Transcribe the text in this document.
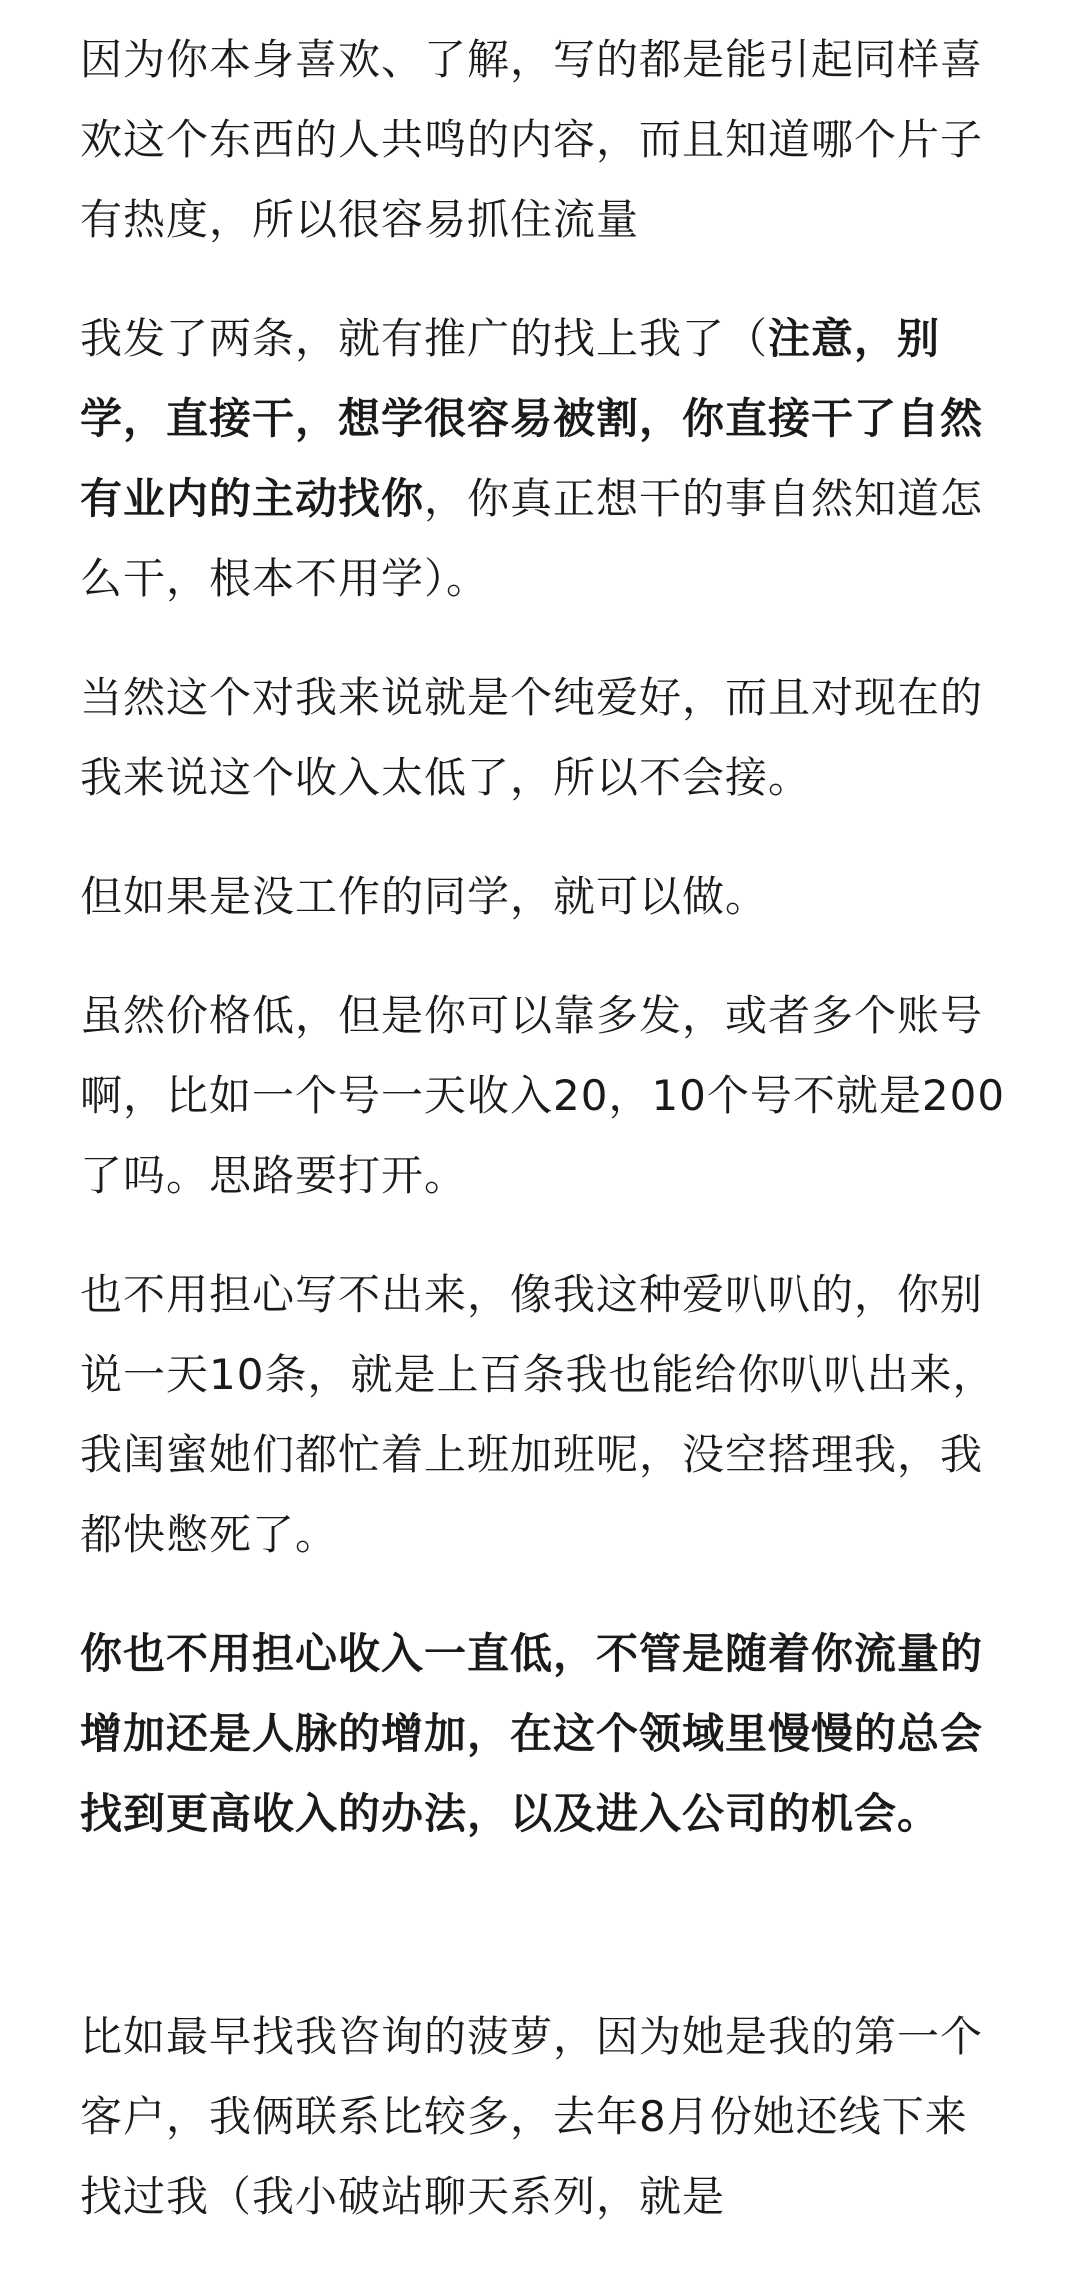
因为你本身喜欢、了解，写的都是能引起同样喜欢这个东西的人共鸣的内容，而且知道哪个片子有热度，所以很容易抓住流量

我发了两条，就有推广的找上我了（注意，别学，直接干，想学很容易被割，你直接干了自然有业内的主动找你，你真正想干的事自然知道怎么干，根本不用学）。

当然这个对我来说就是个纯爱好，而且对现在的我来说这个收入太低了，所以不会接。

但如果是没工作的同学，就可以做。

虽然价格低，但是你可以靠多发，或者多个账号啊，比如一个号一天收入20，10个号不就是200了吗。思路要打开。

也不用担心写不出来，像我这种爱叭叭的，你别说一天10条，就是上百条我也能给你叭叭出来，我闺蜜她们都忙着上班加班呢，没空搭理我，我都快憋死了。

你也不用担心收入一直低，不管是随着你流量的增加还是人脉的增加，在这个领域里慢慢的总会找到更高收入的办法，以及进入公司的机会。

比如最早找我咨询的菠萝，因为她是我的第一个客户，我俩联系比较多，去年8月份她还线下来找过我（我小破站聊天系列，就是
